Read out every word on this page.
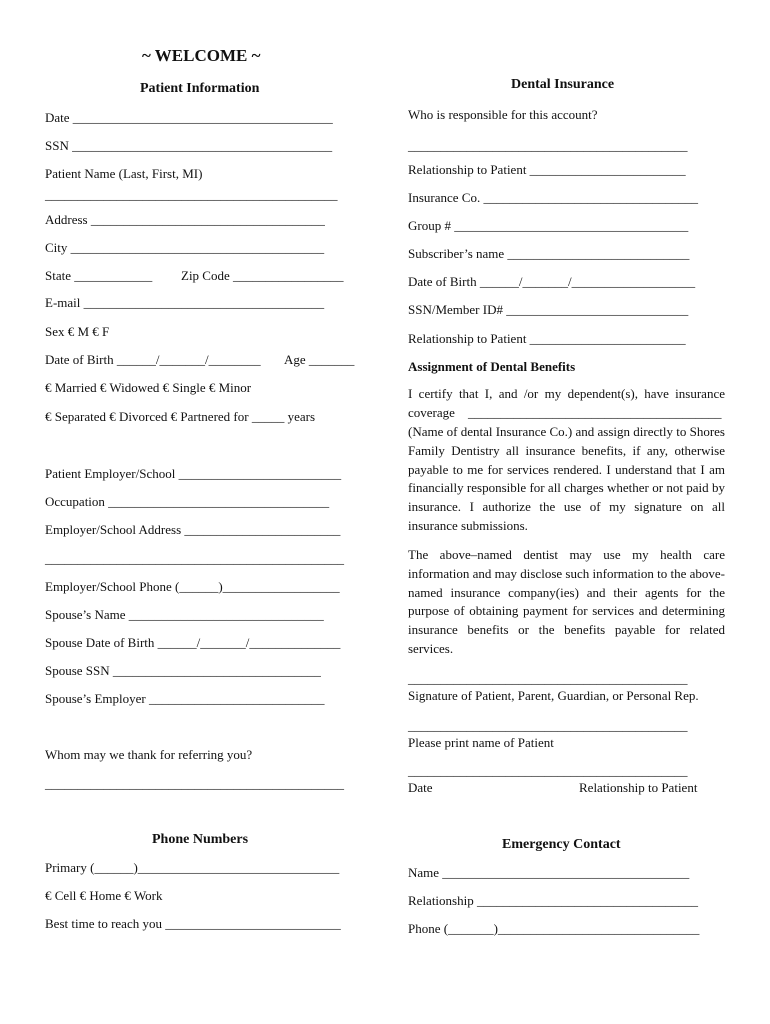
~ WELCOME ~
Patient Information
Date ________________________________________
SSN ________________________________________
Patient Name (Last, First, MI)
_____________________________________________
Address ____________________________________
City _______________________________________
State ____________ Zip Code _________________
E-mail _____________________________________
Sex € M € F
Date of Birth ______/_______/________ Age _______
€ Married € Widowed € Single € Minor
€ Separated € Divorced € Partnered for _____ years
Patient Employer/School _________________________
Occupation __________________________________
Employer/School Address ________________________
______________________________________________
Employer/School Phone (______)__________________
Spouse’s Name ______________________________
Spouse Date of Birth ______/_______/______________
Spouse SSN ________________________________
Spouse’s Employer ___________________________
Whom may we thank for referring you?
______________________________________________
Phone Numbers
Primary (______)_______________________________
€ Cell € Home € Work
Best time to reach you ___________________________
Dental Insurance
Who is responsible for this account?
___________________________________________
Relationship to Patient ________________________
Insurance Co. _________________________________
Group # ____________________________________
Subscriber’s name ____________________________
Date of Birth ______/_______/___________________
SSN/Member ID# ____________________________
Relationship to Patient ________________________
Assignment of Dental Benefits
I certify that I, and /or my dependent(s), have insurance
coverage _______________________________________
(Name of dental Insurance Co.) and assign directly to Shores Family Dentistry all insurance benefits, if any, otherwise payable to me for services rendered. I understand that I am financially responsible for all charges whether or not paid by insurance. I authorize the use of my signature on all insurance submissions.
The above–named dentist may use my health care information and may disclose such information to the above-named insurance company(ies) and their agents for the purpose of obtaining payment for services and determining insurance benefits or the benefits payable for related services.
___________________________________________
Signature of Patient, Parent, Guardian, or Personal Rep.
___________________________________________
Please print name of Patient
___________________________________________
Date	Relationship to Patient
Emergency Contact
Name ______________________________________
Relationship __________________________________
Phone (_______)_______________________________
